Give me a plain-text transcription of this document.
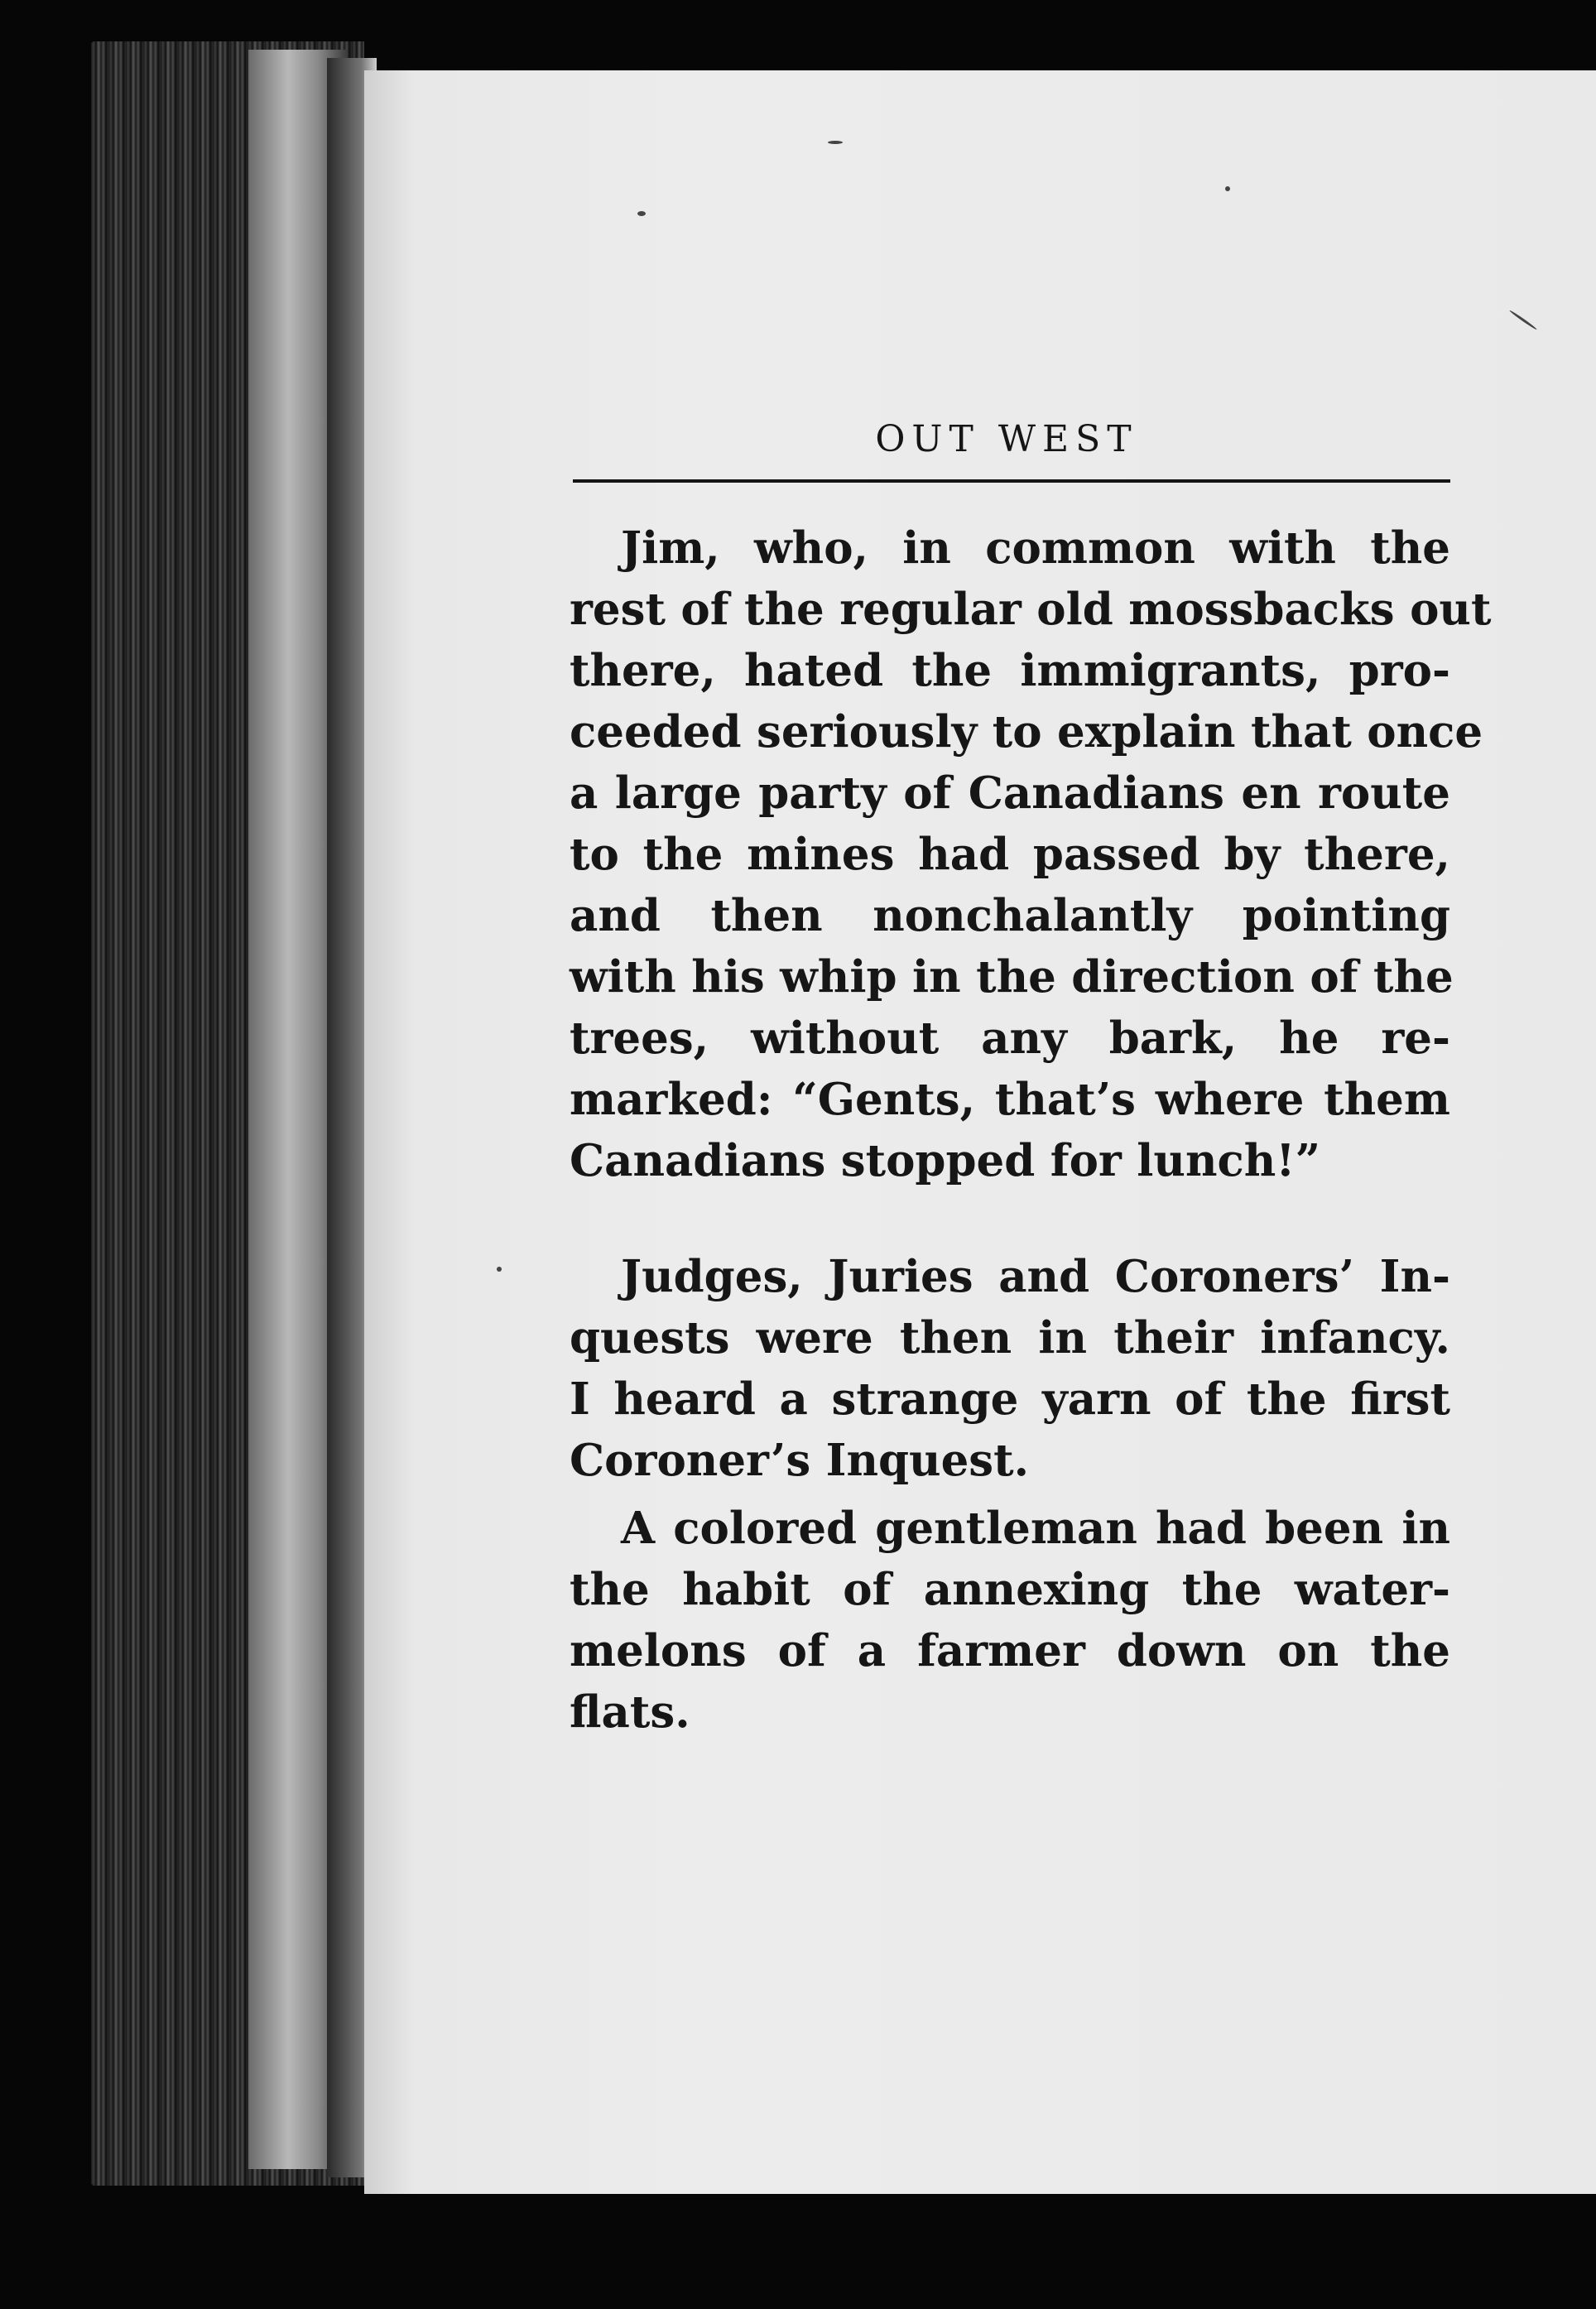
OUT WEST

Jim, who, in common with the
rest of the regular old mossbacks out
there, hated the immigrants, pro-
ceeded seriously to explain that once
a large party of Canadians en route
to the mines had passed by there,
and then nonchalantly pointing
with his whip in the direction of the
trees, without any bark, he re-
marked: “Gents, that’s where them
Canadians stopped for lunch!”

Judges, Juries and Coroners’ In-
quests were then in their infancy.
I heard a strange yarn of the first
Coroner’s Inquest.

A colored gentleman had been in
the habit of annexing the water-
melons of a farmer down on the
flats.
